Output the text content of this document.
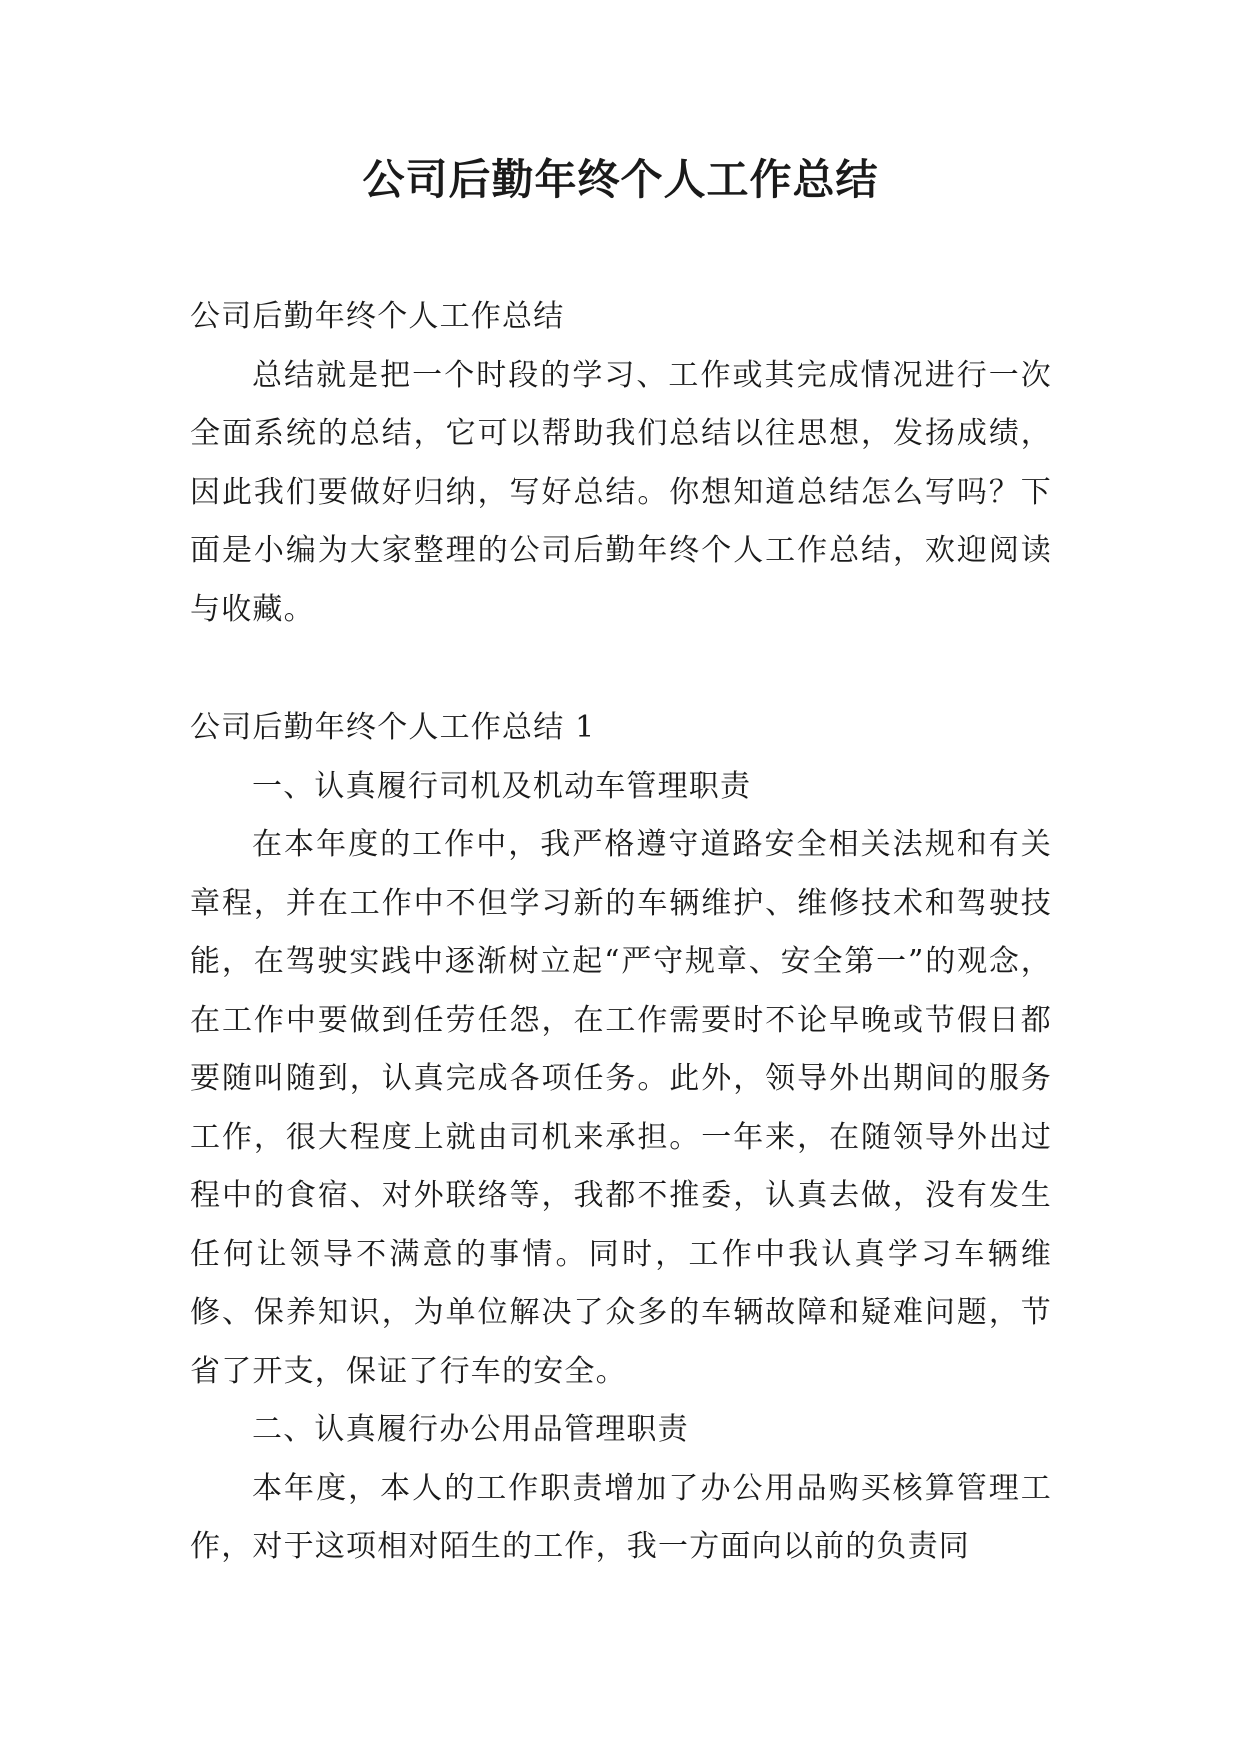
公司后勤年终个人工作总结

公司后勤年终个人工作总结

总结就是把一个时段的学习、工作或其完成情况进行一次全面系统的总结，它可以帮助我们总结以往思想，发扬成绩，因此我们要做好归纳，写好总结。你想知道总结怎么写吗？下面是小编为大家整理的公司后勤年终个人工作总结，欢迎阅读与收藏。

公司后勤年终个人工作总结 1

一、认真履行司机及机动车管理职责

在本年度的工作中，我严格遵守道路安全相关法规和有关章程，并在工作中不但学习新的车辆维护、维修技术和驾驶技能，在驾驶实践中逐渐树立起“严守规章、安全第一”的观念，在工作中要做到任劳任怨，在工作需要时不论早晚或节假日都要随叫随到，认真完成各项任务。此外，领导外出期间的服务工作，很大程度上就由司机来承担。一年来，在随领导外出过程中的食宿、对外联络等，我都不推委，认真去做，没有发生任何让领导不满意的事情。同时，工作中我认真学习车辆维修、保养知识，为单位解决了众多的车辆故障和疑难问题，节省了开支，保证了行车的安全。

二、认真履行办公用品管理职责

本年度，本人的工作职责增加了办公用品购买核算管理工作，对于这项相对陌生的工作，我一方面向以前的负责同
